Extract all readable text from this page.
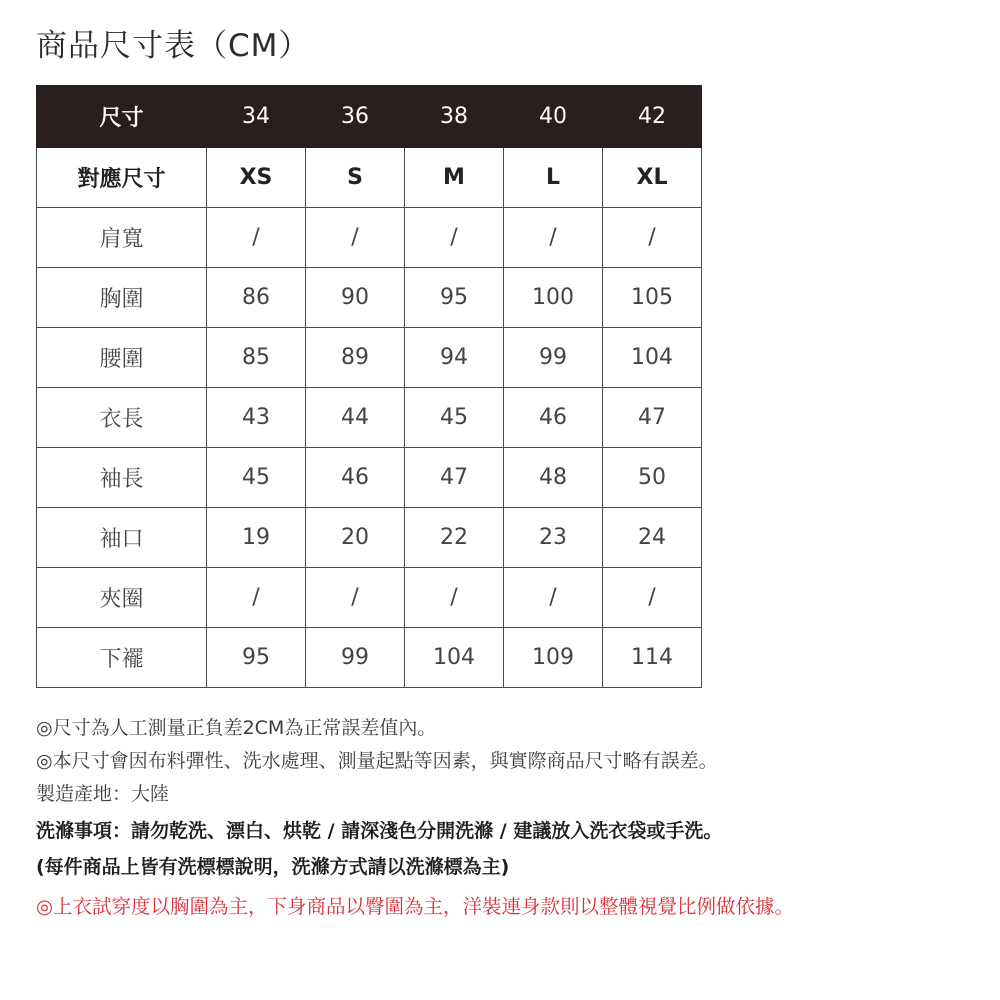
商品尺寸表（CM）
尺寸	34	36	38	40	42
對應尺寸	XS	S	M	L	XL
肩寬	/	/	/	/	/
胸圍	86	90	95	100	105
腰圍	85	89	94	99	104
衣長	43	44	45	46	47
袖長	45	46	47	48	50
袖口	19	20	22	23	24
夾圈	/	/	/	/	/
下襬	95	99	104	109	114
◎尺寸為人工測量正負差2CM為正常誤差值內。
◎本尺寸會因布料彈性、洗水處理、測量起點等因素，與實際商品尺寸略有誤差。
製造產地：大陸
洗滌事項：請勿乾洗、漂白、烘乾 / 請深淺色分開洗滌 / 建議放入洗衣袋或手洗。
(每件商品上皆有洗標標說明，洗滌方式請以洗滌標為主)
◎上衣試穿度以胸圍為主，下身商品以臀圍為主，洋裝連身款則以整體視覺比例做依據。
